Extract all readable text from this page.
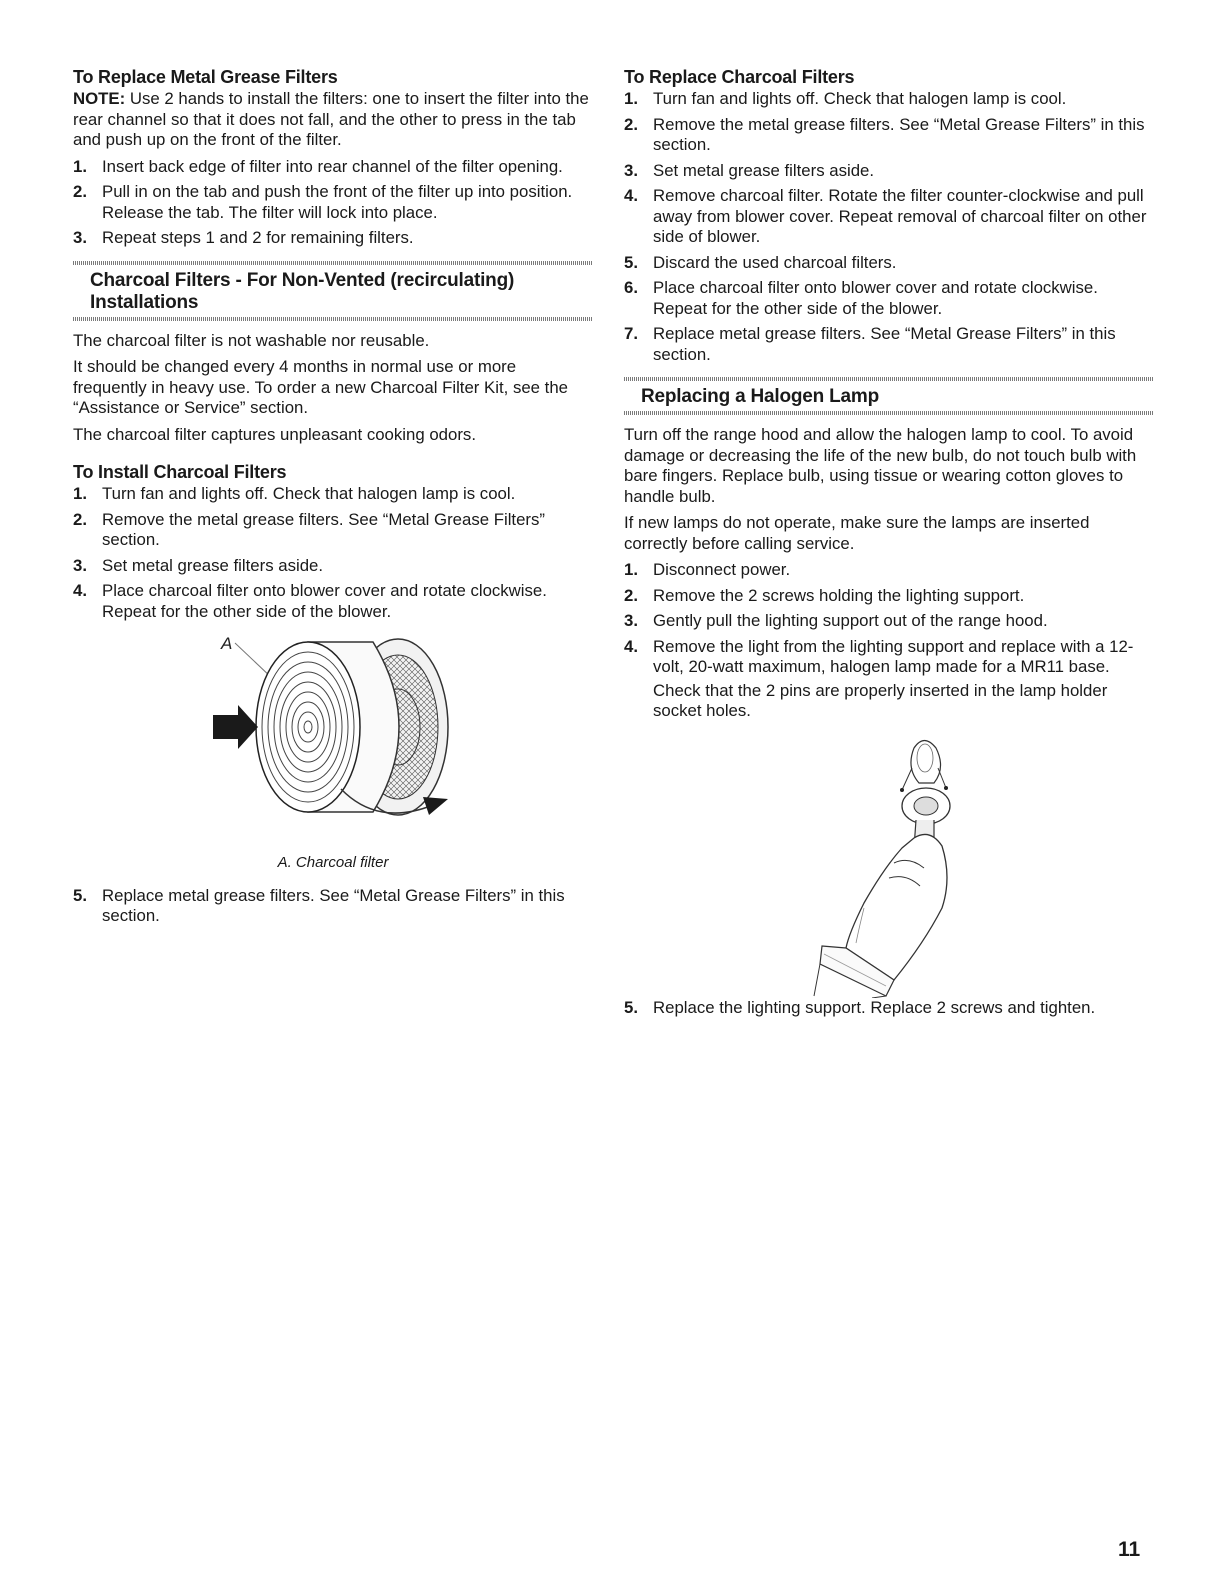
To Replace Metal Grease Filters

NOTE: Use 2 hands to install the filters: one to insert the filter into the rear channel so that it does not fall, and the other to press in the tab and push up on the front of the filter.

1. Insert back edge of filter into rear channel of the filter opening.
2. Pull in on the tab and push the front of the filter up into position. Release the tab. The filter will lock into place.
3. Repeat steps 1 and 2 for remaining filters.
Charcoal Filters - For Non-Vented (recirculating) Installations

The charcoal filter is not washable nor reusable.

It should be changed every 4 months in normal use or more frequently in heavy use. To order a new Charcoal Filter Kit, see the “Assistance or Service” section.

The charcoal filter captures unpleasant cooking odors.

To Install Charcoal Filters
1. Turn fan and lights off. Check that halogen lamp is cool.
2. Remove the metal grease filters. See “Metal Grease Filters” section.
3. Set metal grease filters aside.
4. Place charcoal filter onto blower cover and rotate clockwise. Repeat for the other side of the blower.
A

A. Charcoal filter

5. Replace metal grease filters. See “Metal Grease Filters” in this section.
To Replace Charcoal Filters
1. Turn fan and lights off. Check that halogen lamp is cool.
2. Remove the metal grease filters. See “Metal Grease Filters” in this section.
3. Set metal grease filters aside.
4. Remove charcoal filter. Rotate the filter counter-clockwise and pull away from blower cover. Repeat removal of charcoal filter on other side of blower.
5. Discard the used charcoal filters.
6. Place charcoal filter onto blower cover and rotate clockwise. Repeat for the other side of the blower.
7. Replace metal grease filters. See “Metal Grease Filters” in this section.
Replacing a Halogen Lamp

Turn off the range hood and allow the halogen lamp to cool. To avoid damage or decreasing the life of the new bulb, do not touch bulb with bare fingers. Replace bulb, using tissue or wearing cotton gloves to handle bulb.

If new lamps do not operate, make sure the lamps are inserted correctly before calling service.

1. Disconnect power.
2. Remove the 2 screws holding the lighting support.
3. Gently pull the lighting support out of the range hood.
4. Remove the light from the lighting support and replace with a 12-volt, 20-watt maximum, halogen lamp made for a MR11 base.

Check that the 2 pins are properly inserted in the lamp holder socket holes.

5. Replace the lighting support. Replace 2 screws and tighten.
11
